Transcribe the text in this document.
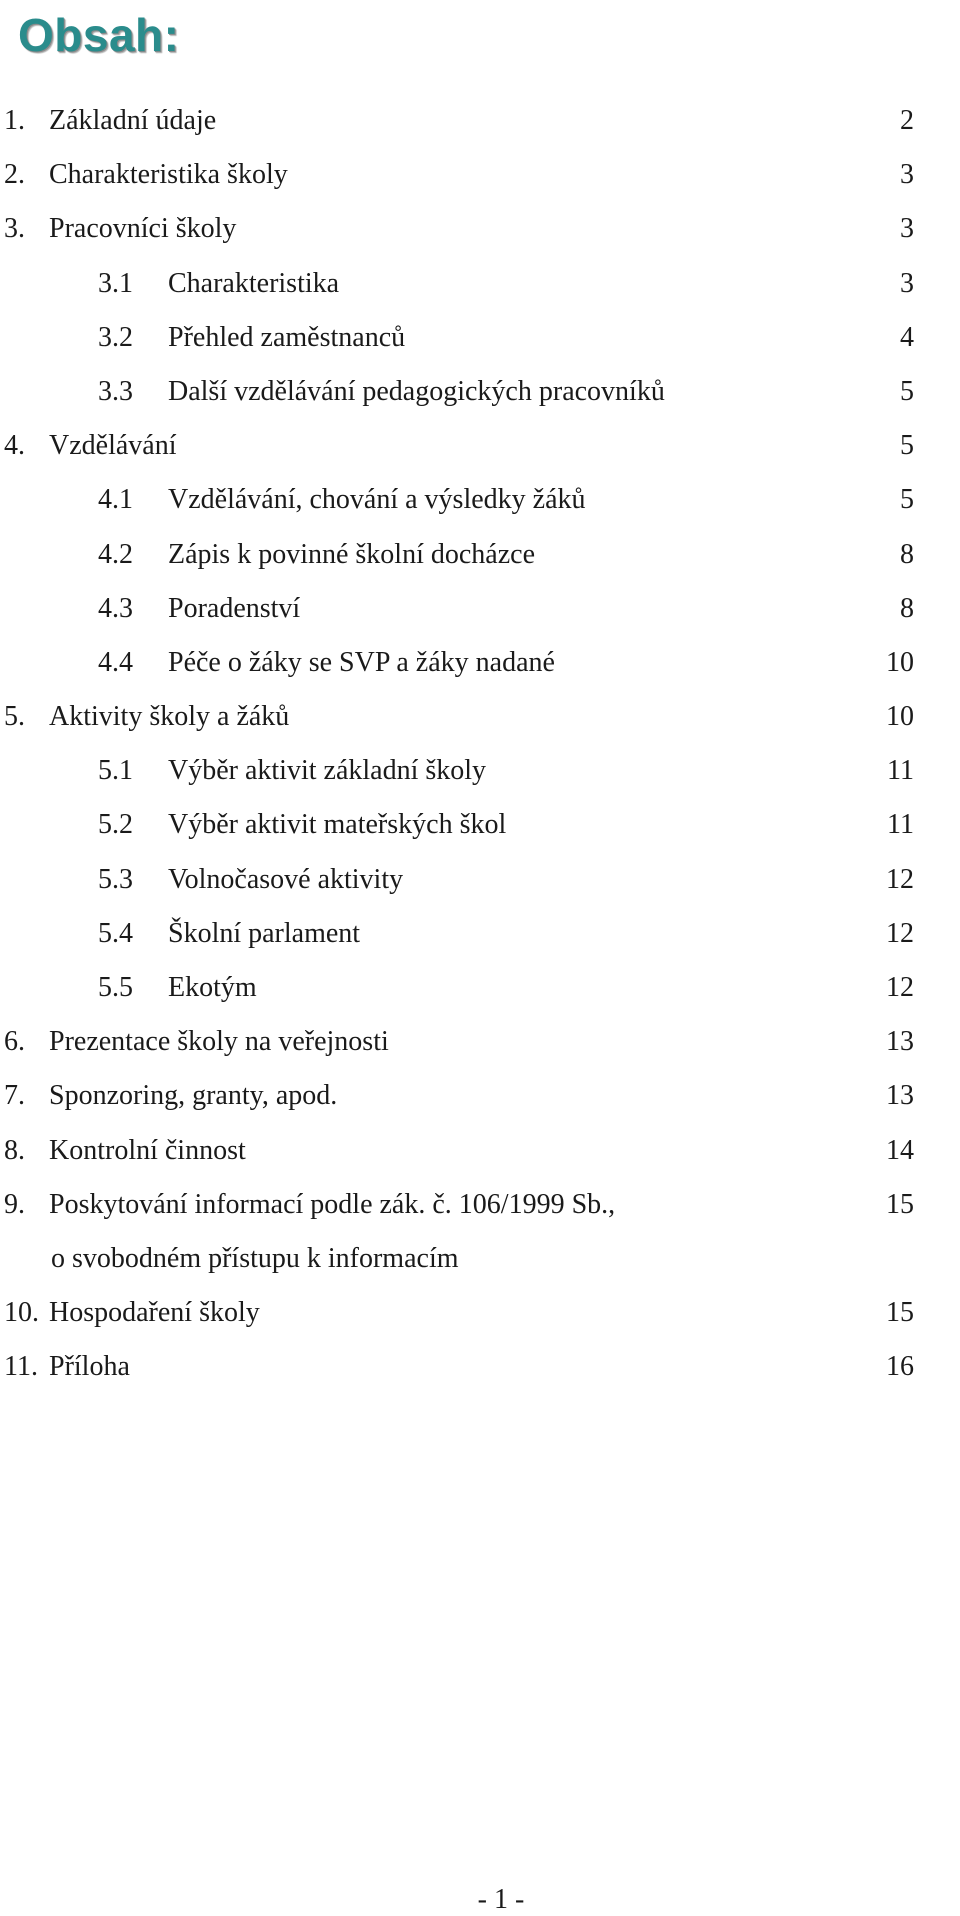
Obsah:
1. Základní údaje	2
2. Charakteristika školy	3
3. Pracovníci školy	3
3.1 Charakteristika	3
3.2 Přehled zaměstnanců	4
3.3 Další vzdělávání pedagogických pracovníků	5
4. Vzdělávání	5
4.1 Vzdělávání, chování a výsledky žáků	5
4.2 Zápis k povinné školní docházce	8
4.3 Poradenství	8
4.4 Péče o žáky se SVP a žáky nadané	10
5. Aktivity školy a žáků	10
5.1 Výběr aktivit základní školy	11
5.2 Výběr aktivit mateřských škol	11
5.3 Volnočasové aktivity	12
5.4 Školní parlament	12
5.5 Ekotým	12
6. Prezentace školy na veřejnosti	13
7. Sponzoring, granty, apod.	13
8. Kontrolní činnost	14
9. Poskytování informací podle zák. č. 106/1999 Sb.,	15
o svobodném přístupu k informacím
10. Hospodaření školy	15
11. Příloha	16
- 1 -
